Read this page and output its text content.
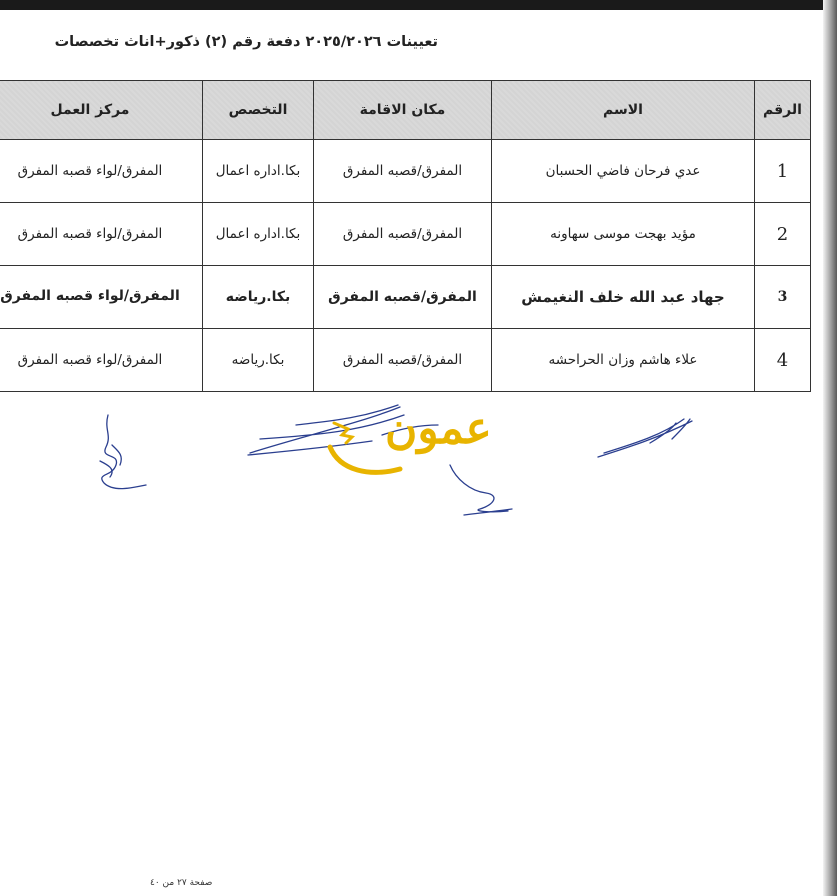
تعيينات ٢٠٢٥/٢٠٢٦ دفعة رقم (٢) ذكور+اناث تخصصات
الرقم	الاسم	مكان الاقامة	التخصص	مركز العمل
1	عدي فرحان فاضي الحسبان	المفرق/قصبه المفرق	بكا.اداره اعمال	المفرق/لواء قصبه المفرق
2	مؤيد بهجت موسى سهاونه	المفرق/قصبه المفرق	بكا.اداره اعمال	المفرق/لواء قصبه المفرق
3	جهاد عبد الله خلف النغيمش	المفرق/قصبه المفرق	بكا.رياضه	المفرق/لواء قصبه المفرق
4	علاء هاشم وزان الحراحشه	المفرق/قصبه المفرق	بكا.رياضه	المفرق/لواء قصبه المفرق
عمون
صفحة ٢٧ من ٤٠
